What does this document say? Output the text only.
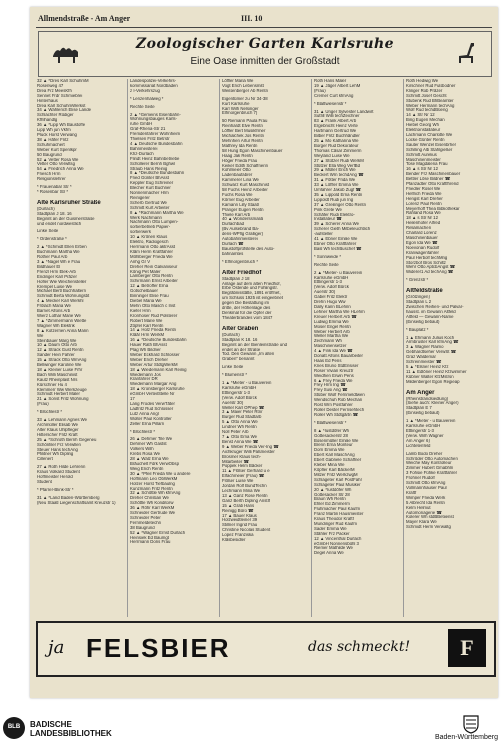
Allmendstraße - Am Anger	III. 10
Zoologischer Garten Karlsruhe
Eine Oase inmitten der Großstadt
32 ▲ *Dres Karl SchuhmM
Rosenweg 47
Drea Frz MeesKfh
Sennet Frdr Schmiebrei
Hinterhaus
Drea Karl SchuhmWerkst
34 ▲ Wahlerich Elise Lande
Schlachter Rüdiger
Kfhlhandlg
36 ▲ *Lipp Wh Baustoffe
Lipp Wh jun Vkfm
Pluck Horst Verwang
38 ▲ Häfer Fritz
Schuhmachert
Weber Kurt Spenlkpr
50 Baugrund
52 ▲ Vetter Rosa We
Vetter Otto Verwltsg
54 ▲ Friedrich Anna We
Friesch Hrm
Religionslehrer
* Frauenabar Str *
* Rosenbar Str *
Alte Karlsruher Straße
(Durlach)
Stadtplan J 18. 16
Beginnt an der Guismerstraße
und endet nordwestlich
Linke Seite
* Ordenstraße *
2 ▲ *Schmidt Ellen Erben
Buchmann Martha We
Rother Paul Arb
3 ▲ *Nagel Wh e Frau
Bildhauer El
Frenzl Hrm Elek-Arb
Endinger Karl Präzer
Hofler Wie Weichensteller
Krempel Luise We
Michael Bertl Buchhaltern
Schmidt Berta Wohnungsbt
4 ▲ Mecker Karl Werkhl
Frölach Maria We
Barnet Alfons Arb
Wierz Lothar Marie We
7 ▲ *Zimmermann Wiette
Wagner Wh Elektrik
8 ▲ Kotzerrien Anna Marin
We
Steinbauer Marg We
10 ▲ Daum Otto Arb
12 ▲ Strack Gust Rentn
Sander Hein Fahrer
15 ▲ Strack Otto WmAng
Bellwinger Karoline We
18 ▲ Kleiner Luise Frhr
Bach Willi Maschinist
Kautz Rheinplast Nrs
Kürschner Hu 4
Klemmerr Ww Werkzeuge
Schmidt Herbert Maler
21 ▲ Sonst Fritz Wohnung
(Frau)
* Brüchlestr *
33 ▲ Lehmann Agnes We
Archmüller Elisab We
Alter Klaus Uhlpfleger
Hitterscher Fritz Kraft
25 ▲ *Schroth Bernh Gegeneu
Schönfiler Frz Verwllen
Steuer Hans techAng
Pfilitner Wh Dipling
Cillenert
27 ▲ Roth Hilde Lehrerin
Kraus Volkard Student
Hoffmeister Herold
Student
* Pfarrer-Blink-Str *
31 ▲ *Land Baden-Württemberg
(Neu Staatl Liegenschaftsamt Kreuzstr 1)
Landespolizei-Verkehrs-
kommissariat Nordbaden
z I-Verkehrszug
* Lenzenhalweg *
Rechte Seite
2 ▲ *Gemeins Eisenbahn-
Wohnungsbauges Karls-
ruhe GmbH
Graf-Rhena-Str 21
Fremdenfahrer Wohnheim
Thielsen Fritz Betrstr
4 ▲ Deutsche Bundesbahn
Bahnmeisterei
Khz-Durlach
Flindt Heinz Bahnbetriebe
Schüllerer Bernh Bghwl
Straub Hans Reinig
8 ▲ *Deutsche Bundesbahn
Fried Günter BhAsst
Keppler Eug Schreiner
Blecher Kurt Buchner
Nonnenmacher Hrm
Reinigerer
Scherb Gertrud We
Schmitt Kurt Arbeiter
8 ▲ *Rachmann Martha We
Werk Nachmann
Nachmann Otto Lumpen-
sortierbetrieb Papier-
sortierwerk
10 ▲ Krönen Klaus
Elektro, Radiogesch
Herrmann Otto aktrAsst
Kläm Herm Kraftfahrer
Möhlberger Frieda We
Anhg Gr V
Dreher Rein Galvaniseur
König Pet Maler
Lamberger Otto Rentn
Schirmann Ernst Arbeiter
12 ▲ Betroffer Erna
Gotschelbauer
Binninger Elise Frau
Diebel Maria We
Mehn Otto Masch c Inst
Kiefer Hrm
Kronhoser Rud Polsterer
Robert Marie We
Zöpfel Karl Rentn
14 ▲ Holz Frieda Rentn
Kläär Hrm WerkM
16 ▲ *Deutsche Bundesbahn
Hauer Rath BhAsst
Plag Wh Bildner
Weber Eckhard Schlosser
Weber Erich Dreher
Weber Artur StdtgWerkM
18 ▲ Wiedemann Karl Reinig
Wiedemann Jos
Kranfahrer DR
Wiedemann Margar Ang
18 ▲ Kronsberger Karlsruhe
eGmbH VerteilStelle Nr
17
Lang Frodes VerwTäter
Ladfritz Rud Schlosser
Lutz Anna Angl
Wolter Paul Kontroller
Zeller Erna Pillarn
* Brüchlestr *
26 ▲ Dehmer Tile We
Dehmer Wh Gastst
Volkers Wilh
Krebs Rosa We
28 ▲ Walz Erna We
Bräuchelt Fdrk VerwObsp
Weig Erich Rentn
30 ▲ *Pfeil Frieda We u andere
Hoffmann Leo ObWerkM
Holzer Horst Tiefbaulng
Kunzmann Fritz Rentn
32 ▲ Schöttle Wh kfmAng
Dreher Christian We
Schöttle Wh Konditorw
36 ▲ Röhr Karl WerkM
Schneider Gertrude We
Schneider Peter
Fernmeldetechn
38 Baugrund
52 ▲ *Wagner Ernst Durlach
Heinsiek Ed Baumgt
Herrmann Doris Frau
Löffler Maria We
Vogt Erich Lebensmitt
Weißenberger Ab Rentn
Eigentümer zu Nr 34-38
Kurt Karlsruhe
Karl Wilh Nelsinger
Elfmorgenbruch 7)
50 Riemann Paula Frau
Reinhardt Elve Rentn
Löffler Bert Musikfrmer
Michalchek Jos Rentn
Mehnhen Artur Rentn
Mathrey Ida Rentn
58 Hung Egon Maschinenbauer
Haag Jak Rentn
Höger Frieda Frau
Keiker Edith Schaffnerin
Kohlmeier Otto
Ladenbaufabrer
Kammerer Lina We
Schwarz Kurt Maschinist
58 Fuchs Heinz Arbeiter
Fuchs Rosa We
Körner Eug Arbeiter
Kamann Lilly Staatl
Pranger Eugen Rentn
Thiele Karl Arb
40 ▲ Wonderssmaliä
Durlachbad
(Bv Aulsebrand Ba-
dens-WPflg Gralliger)
Autobahnmeisterei
Durlach ☎
Baustoffprüfstelle des Auto-
bahnamtes
* Elfmorgenbruch *
Alter Friedhof
Stadtplan J 18
Anlage auf dem alten Friedhof,
Erbe Ostende und Fohlingstr.
Begräbnisstätte, 1891 eröffnet,
um Schluss 1925 ist eingeebnet
gegen Die Bestattung im
dritte, der Höhenlage des
Denkmal für die Opfer der
Theaterbrandes vom 1847
Alter Graben
(Durlach)
Stadtplan K 18. 16
Beginnt an der Bienleinstraße und
endet an der Straße
Tod. Den Gewann „Im alten
Graben“ benannt
Linke Seite
* Blumenstr *
1 ▲ *Mieter - u Bauverein
Karlsruhe eGmbH
Ettlingerstr 1-3
(Verw. Adolf Bürck
Auerstr 30)
Weller Karl OPhep ☎
3 ▲ Maier Peter Rtnr
Burger Rud Stadtarb
5 ▲ Otto Anna We
Lindner Wh Rentn
Noll Peter Arb
7 ▲ Otto Erna We
Benst Anna We ☎
9 ▲ Weber Frieda Ver-Ing ☎
Aichkruger Willi Paßmeister
Brosmer Klaus tech-
Mitarbeiter ☎
Poppek Helm Bäcker
11 ▲ Flößer Gerhard u e
Elfachmeier (Frau) ☎
Flößer Luise We
Jordan Rolf BundTechn
Lechmann Mina We
13 ▲ Ganz Rose Rentn
Ganz Berth Dipling AnstIf
15 ▲ Grab Hans
Reinigg Büro ☎
17 ▲ Bauer Klaus
Holzweidtleiner 39
Stillner Ingrid Frau
Christine Nicolas Student
Lopez Franziska
Kläsbesidler
Roth Hans Maler
19 ▲ Jäger Albert LehM
(Frau)
Cremer Curt kfmAng
* Blattwiesenstr *
31 ▲ Unger Sylvester Landwirt
Sutfill Willi techZeichner
83 ▲ Frank Albert Arb
Ergebnicht Heinz Verte
Hartmann Gertrud We
Bilber Fritz Buchhändler
25 ▲ Mo Katharina We
Borger Rud Dekorateur
Thomas Cäsar Zimmerm
Weyland Luise We
27 ▲ Stützer Rudi WerkM
Stützer Ella Weg VerfBd
29 ▲ Müller Erich We
Beckert Wrn techdAng ☎
31 ▲ Fötter Frida We
33 ▲ Löffler Emma We
Umfahrer Jakob Zugf ☎
35 ▲ Lippold Erna Rentn
Lippoldt Rudi jun Ing
37 ▲ Greilinger Otto Rentn
Pink Grete We
Schäfer Rudi Elektro-
Installateur ☎
39 ▲ Scherer Anna We
Scherer Gieth Mitbeleuchtlich
-aufsteller
41 ▲ Ebner Emilie We
Ebner Otto Kraftfahrer
Basl Wh techBuschef ☎
* Sonnweide *
Rechte Seite
2 ▲ *Mieter- u Bauverein
Karlsruhe eGmbH
Ettlingerstr 1-3
(Verw. Adolf Bürck
Auerstr 30)
Gabel Fritz Elektr
Drehn Hugo Ww
Dally Karin BLehrin
Lehner Martha We HLehrn
Kreuer Herbert Arb ☎
Ludwig Emma We
Moser Engel Rentn
Weber Herbert Arb
Weller Martha We
Zechmann Wh
Maschinensetzer
4 ▲ Fink Ida We ☎
Donatt Alfons Bauarbeiter
Haas Ed Pens
Kries Bruno StdEnsiser
Roser Vivian Kreuztr
Weidhen Erwin Pens
6 ▲ Frey Frieda We
Frey Hrm Ing ☎
Frey Susi Ang ☎
Stüber Wolf Fernmeldtwen
Wendschuh Rob Mechan
Rost Wrn Postfahrer
Roller Dester Fernsehtech
Roller Wh Stdtgärtn ☎
* Blattwiesenstr *
8 ▲ *Iustdöfer Wh
Gottesackerstr 28
Bosenmüller Emilie We
Brenn Erna Monteur
Dorn Emma We
Ebert Karl MaschAng
Ebert Gabriele Schaffner
Kleber Mina We
Köpfler Karl BäckerM
Mitzer Fritz WerkzwgM
Schlageter Karl PostFahr
Schlageter Paul Musiker
20 ▲ *Iustdöfer Wh
Gottesacker Str 28
Braun Wh Rentn
Ehler Ed Zimmerm
Fluhmacher Paul Kaufm
Franz Martin Hausmeister
Kraus Theodor Kraftf
Mundinger Rud Kaufm
Sader Emma We
Stähler Frz Packer
12 ▲ Vincenthal Durlach
eGmbH Nonnensbühl 3
Riemer Mathilde We
Degel Anna We
Roth Hedwig We
Kirschner Rud Fußbodner
Klinger Rob Präzer
Schmitt Josef Gescht
Stubenk Rud BhBeamter
Weber Hermann techAng
Wolf Rud techdBüeng
14 ▲ Str Nr 12
Bing Eugen Mechan
Hiebel Georg Wh
Elektroinstallateur
Lachmann Charlotte We
Locke Günter Rentn
Sauter Wenzel Eisenbrher
Schilling Alb Stahlgießer
Schmitt Aurelius
Maschinenmeister
Tose Magdalena Frau
16 ▲ s Str Nr 12
Bender Frz Maschinenbauer
Bettler Löse Bildner ☎
Pfanzadter Otto Kraftfhrend
Friedler Rosel We
Helfrich Frieda We
Hengst Karl Dreher
Lorenz Paul Rentn
Meyerhoff Thea Bibliothekar
Rahland Rosa We
18 ▲ s Str Nr 12
Heilenhofer Alfred
Reliamachen
Charlard Lorenz
Maschinenbauer
Egon Ida We ☎
Noevonan Rudolf
Kranwagenfahrer
Paul Herbolf techMng
Storzbof Bros Schiltz
Wehr Otto AptcbAngst ☎
Widerer1 Ad techAng ☎
* Grenzstr *
Altfeldstraße
(Grötzingen)
Stadtplan L 2
Zwischen Reihen- und Palvar-
hausst. im Gewann Altfeld
Altfeld — Gewann-Name
(Einseitig bebaut)
* Bauplatz *
1 ▲ Ehmann Julius Koch
Armbruster Karl kfmAng ☎
3 ▲ Wagner Raimo
Gebhardtseher VerwSt ☎
Graz Waldemar
Schreinmeister ☎
5 ▲ *Elsner Heinz Kfz
11 ▲ Edlöner Heinz Kfzwimmer
Kübner Walter KfzMstrsn
Mildenberger Egon Regieap
Am Anger
(Rheinstrandsiedlung)
(Siehe auch: Kleiner Anger)
Stadtplan E 7
(Einseitig bebaut)
1 ▲ *Mieter - u Bauverein
Karlsruhe eGmbH
Ettlingerstr 1-3
(Verw. Wilh Wagner
Am Anger 6)
Lichtetenfeld
Lamb Bodo Dreher
Schröder Otto Automachen
Weiche May Kontrolleur
Zimmer Hubert Gmabhln
3 Fohsie Fühke Kraftfahrer
Frohner Rudolf
Schmitt Otto kfmAng
Vollmannhauser Paul
Kraftf
Wimper Frieda Werk
5 Albrecht Ida Rentn
Kelm Helmut
Automonagerie ☎
Kolerer Wh stdBBetiienst
Mayer Klara We
Schmidt Herm Verwaltg
ja FELSBIER	das schmeckt!	F
BLB	BADISCHE
LANDESBIBLIOTHEK	Baden-Württemberg
